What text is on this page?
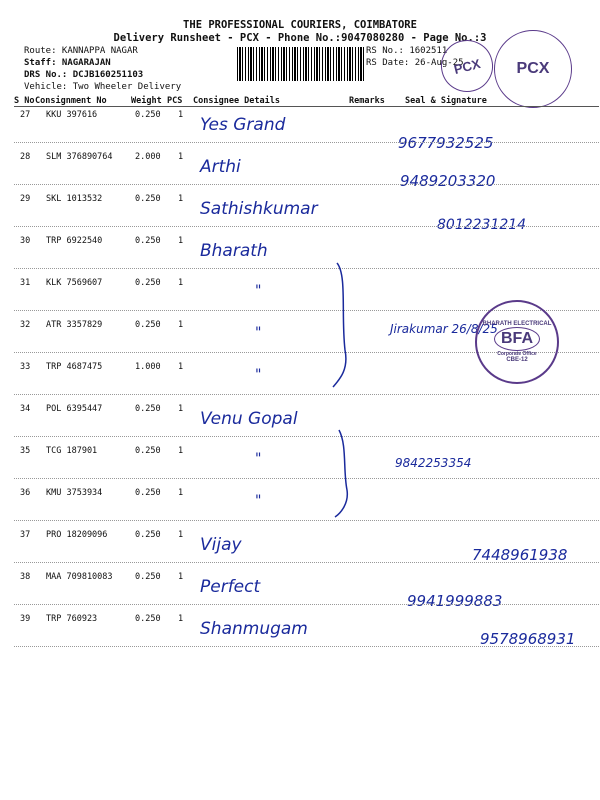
THE PROFESSIONAL COURIERS, COIMBATORE
Delivery Runsheet - PCX - Phone No.:9047080280 - Page No.:3
Route: KANNAPPA NAGAR
Staff: NAGARAJAN
DRS No.: DCJB160251103
Vehicle: Two Wheeler Delivery
RS No.: 1602511
RS Date: 26-Aug-25
PCX PCX
S No Consignment No	Weight PCS Consignee Details	Remarks Seal & Signature
27 KKU 397616	0.250 1 Yes Grand
9677932525
28 SLM 376890764	2.000 1 Arthi
9489203320
29 SKL 1013532	0.250 1 Sathishkumar
8012231214
30 TRP 6922540	0.250 1 Bharath
31 KLK 7569607	0.250 1	"
32 ATR 3357829	0.250 1	"	Jirakumar 26/8/25
33 TRP 4687475	1.000 1	"
34 POL 6395447	0.250 1 Venu Gopal
35 TCG 187901	0.250 1	"	9842253354
36 KMU 3753934	0.250 1	"
37 PRO 18209096	0.250 1 Vijay	7448961938
38 MAA 709810083	0.250 1 Perfect
9941999883
39 TRP 760923	0.250 1 Shanmugam	9578968931
BHARATH ELECTRICAL
BFA
Corporate Office
CBE-12
